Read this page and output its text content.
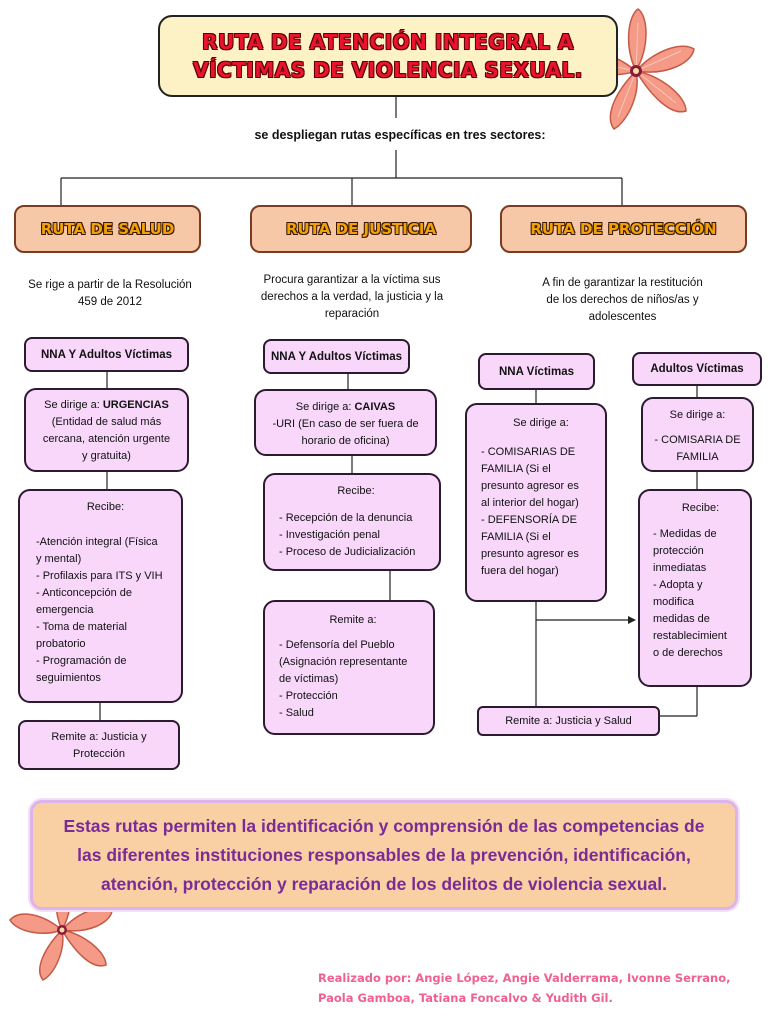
RUTA DE ATENCIÓN INTEGRAL A
VÍCTIMAS DE VIOLENCIA SEXUAL.
se despliegan rutas específicas en tres sectores:
RUTA DE SALUD	RUTA DE JUSTICIA	RUTA DE PROTECCIÓN
Se rige a partir de la Resolución
459 de 2012
NNA Y Adultos Víctimas
Se dirige a: URGENCIAS
(Entidad de salud más
cercana, atención urgente
y gratuita)
Recibe:
-Atención integral (Física
y mental)
- Profilaxis para ITS y VIH
- Anticoncepción de
emergencia
- Toma de material
probatorio
- Programación de
seguimientos
Remite a: Justicia y
Protección
Procura garantizar a la víctima sus
derechos a la verdad, la justicia y la
reparación
NNA Y Adultos Víctimas
Se dirige a: CAIVAS
-URI (En caso de ser fuera de
horario de oficina)
Recibe:
- Recepción de la denuncia
- Investigación penal
- Proceso de Judicialización
Remite a:
- Defensoría del Pueblo
(Asignación representante
de víctimas)
- Protección
- Salud
A fin de garantizar la restitución
de los derechos de niños/as y
adolescentes
NNA Víctimas	Adultos Víctimas
Se dirige a:
- COMISARIAS DE
FAMILIA (Si el
presunto agresor es
al interior del hogar)
- DEFENSORÍA DE
FAMILIA (Si el
presunto agresor es
fuera del hogar)
Se dirige a:
- COMISARIA DE
FAMILIA
Recibe:
- Medidas de
protección
inmediatas
- Adopta y
modifica
medidas de
restablecimient
o de derechos
Remite a: Justicia y Salud
Estas rutas permiten la identificación y comprensión de las competencias de
las diferentes instituciones responsables de la prevención, identificación,
atención, protección y reparación de los delitos de violencia sexual.
Realizado por: Angie López, Angie Valderrama, Ivonne Serrano,
Paola Gamboa, Tatiana Foncalvo & Yudith Gil.
